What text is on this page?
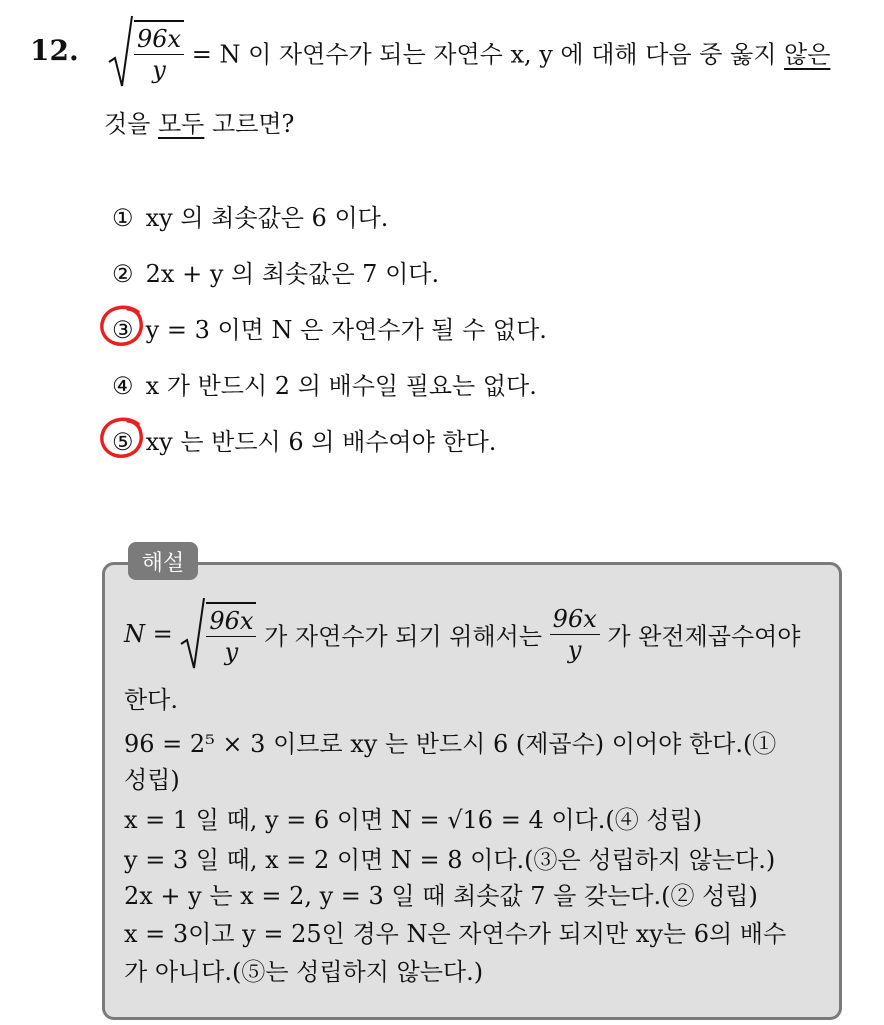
12. $\frac{96x}{y} = N$ 이 자연수가 되는 자연수 x, y 에 대해 다음 중 옳지 않은
것을 모두 고르면?
① xy 의 최솟값은 6 이다.
② 2x + y 의 최솟값은 7 이다.
③ y = 3 이면 N 은 자연수가 될 수 없다.
④ x 가 반드시 2 의 배수일 필요는 없다.
⑤ xy 는 반드시 6 의 배수여야 한다.
해설
$N = \frac{96x}{y}$ 가 자연수가 되기 위해서는 $\frac{96x}{y}$ 가 완전제곱수여야
한다.
96 = 2⁵ × 3 이므로 xy 는 반드시 6 (제곱수) 이어야 한다.(①
성립)
x = 1 일 때, y = 6 이면 N = √16 = 4 이다.(④ 성립)
y = 3 일 때, x = 2 이면 N = 8 이다.(③은 성립하지 않는다.)
2x + y 는 x = 2, y = 3 일 때 최솟값 7 을 갖는다.(② 성립)
x = 3이고 y = 25인 경우 N은 자연수가 되지만 xy는 6의 배수
가 아니다.(⑤는 성립하지 않는다.)
